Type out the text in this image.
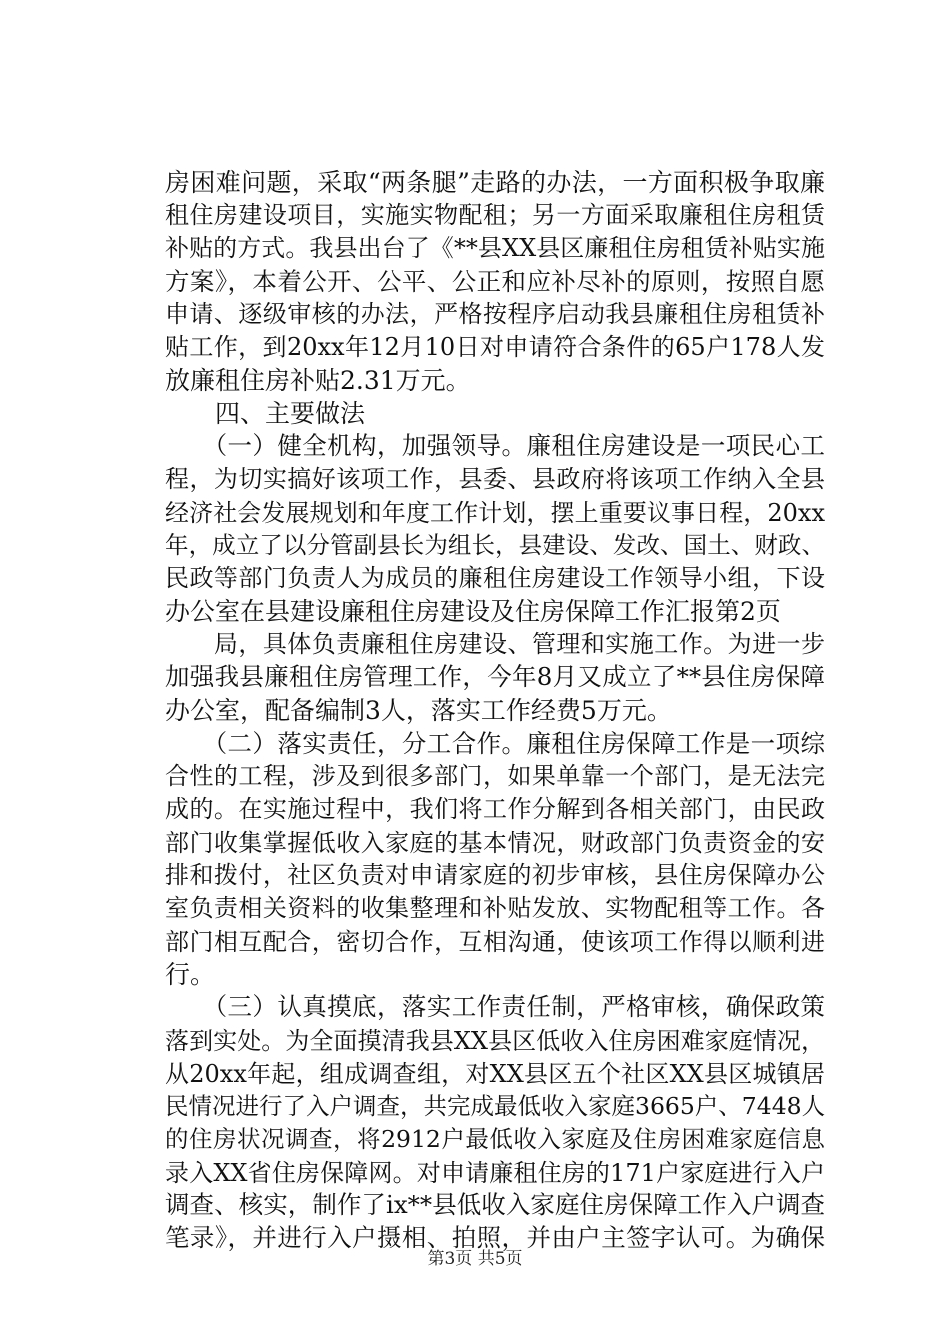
房困难问题，采取“两条腿”走路的办法，一方面积极争取廉
租住房建设项目，实施实物配租；另一方面采取廉租住房租赁
补贴的方式。我县出台了《**县XX县区廉租住房租赁补贴实施
方案》，本着公开、公平、公正和应补尽补的原则，按照自愿
申请、逐级审核的办法，严格按程序启动我县廉租住房租赁补
贴工作，到20xx年12月10日对申请符合条件的65户178人发
放廉租住房补贴2.31万元。
　　四、主要做法
　　（一）健全机构，加强领导。廉租住房建设是一项民心工
程，为切实搞好该项工作，县委、县政府将该项工作纳入全县
经济社会发展规划和年度工作计划，摆上重要议事日程，20xx
年，成立了以分管副县长为组长，县建设、发改、国土、财政、
民政等部门负责人为成员的廉租住房建设工作领导小组，下设
办公室在县建设廉租住房建设及住房保障工作汇报第2页
　　局，具体负责廉租住房建设、管理和实施工作。为进一步
加强我县廉租住房管理工作，今年8月又成立了**县住房保障
办公室，配备编制3人，落实工作经费5万元。
　　（二）落实责任，分工合作。廉租住房保障工作是一项综
合性的工程，涉及到很多部门，如果单靠一个部门，是无法完
成的。在实施过程中，我们将工作分解到各相关部门，由民政
部门收集掌握低收入家庭的基本情况，财政部门负责资金的安
排和拨付，社区负责对申请家庭的初步审核，县住房保障办公
室负责相关资料的收集整理和补贴发放、实物配租等工作。各
部门相互配合，密切合作，互相沟通，使该项工作得以顺利进
行。
　　（三）认真摸底，落实工作责任制，严格审核，确保政策
落到实处。为全面摸清我县XX县区低收入住房困难家庭情况，
从20xx年起，组成调查组，对XX县区五个社区XX县区城镇居
民情况进行了入户调查，共完成最低收入家庭3665户、7448人
的住房状况调查，将2912户最低收入家庭及住房困难家庭信息
录入XX省住房保障网。对申请廉租住房的171户家庭进行入户
调查、核实，制作了ix**县低收入家庭住房保障工作入户调查
笔录》，并进行入户摄相、拍照，并由户主签字认可。为确保
第3页 共5页
